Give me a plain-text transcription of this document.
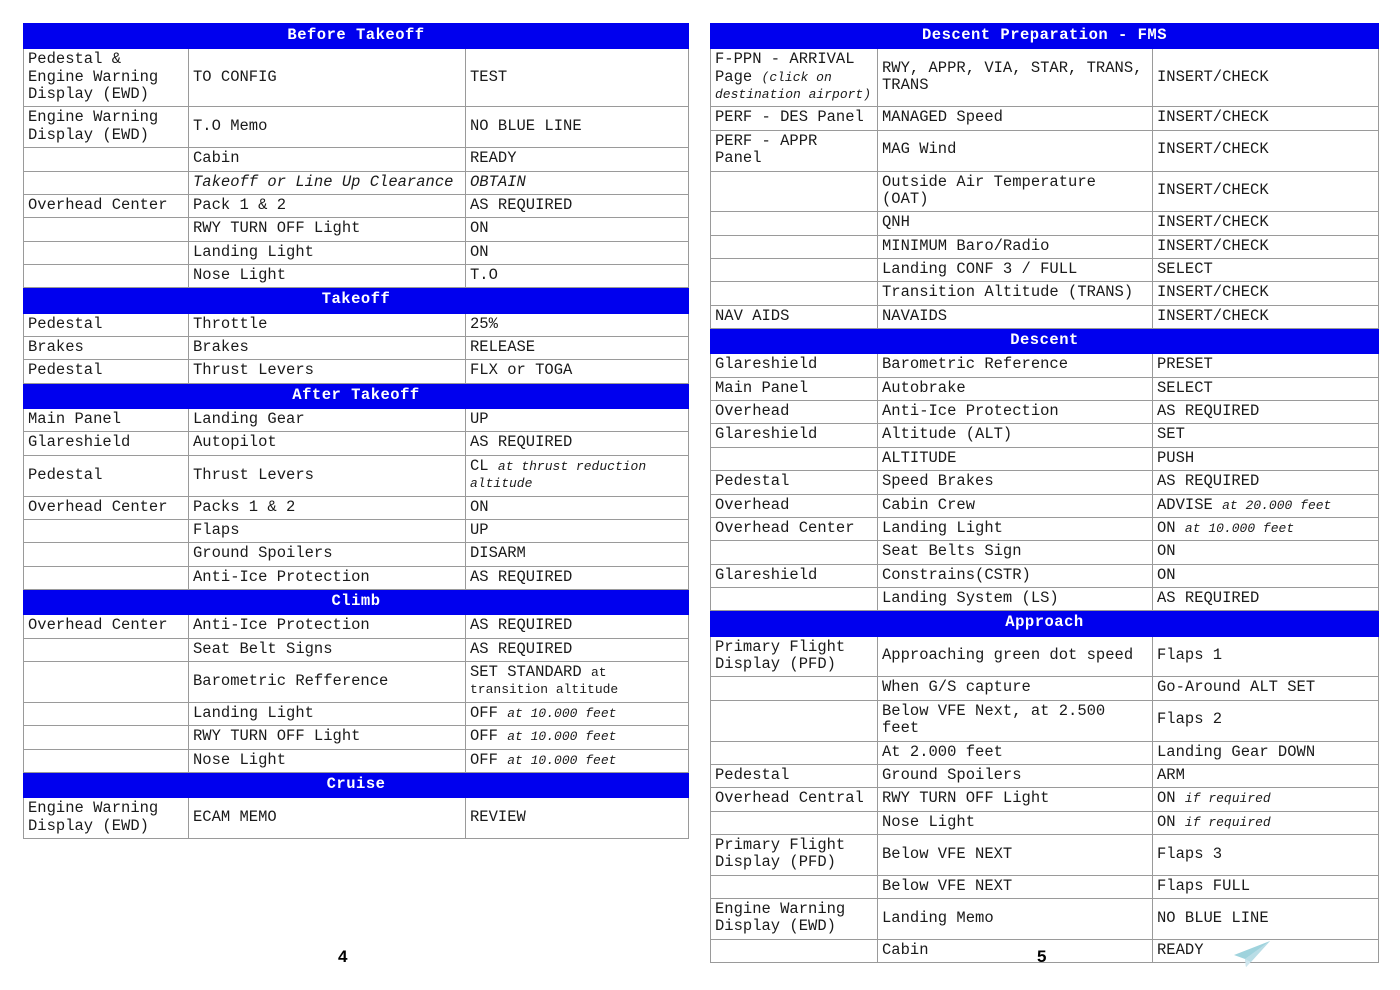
Before Takeoff		
Pedestal & Engine Warning Display (EWD)	TO CONFIG	TEST
Engine Warning Display (EWD)	T.O Memo	NO BLUE LINE
	Cabin	READY
	Takeoff or Line Up Clearance	OBTAIN
Overhead Center	Pack 1 & 2	AS REQUIRED
	RWY TURN OFF Light	ON
	Landing Light	ON
	Nose Light	T.O
Takeoff		
Pedestal	Throttle	25%
Brakes	Brakes	RELEASE
Pedestal	Thrust Levers	FLX or TOGA
After Takeoff		
Main Panel	Landing Gear	UP
Glareshield	Autopilot	AS REQUIRED
Pedestal	Thrust Levers	CL at thrust reduction altitude
Overhead Center	Packs 1 & 2	ON
	Flaps	UP
	Ground Spoilers	DISARM
	Anti-Ice Protection	AS REQUIRED
Climb		
Overhead Center	Anti-Ice Protection	AS REQUIRED
	Seat Belt Signs	AS REQUIRED
	Barometric Refference	SET STANDARD at transition altitude
	Landing Light	OFF at 10.000 feet
	RWY TURN OFF Light	OFF at 10.000 feet
	Nose Light	OFF at 10.000 feet
Cruise		
Engine Warning Display (EWD)	ECAM MEMO	REVIEW
Descent Preparation - FMS		
F-PPN - ARRIVAL Page (click on destination airport)	RWY, APPR, VIA, STAR, TRANS, TRANS	INSERT/CHECK
PERF - DES Panel	MANAGED Speed	INSERT/CHECK
PERF - APPR Panel	MAG Wind	INSERT/CHECK
	Outside Air Temperature (OAT)	INSERT/CHECK
	QNH	INSERT/CHECK
	MINIMUM Baro/Radio	INSERT/CHECK
	Landing CONF 3 / FULL	SELECT
	Transition Altitude (TRANS)	INSERT/CHECK
NAV AIDS	NAVAIDS	INSERT/CHECK
Descent		
Glareshield	Barometric Reference	PRESET
Main Panel	Autobrake	SELECT
Overhead	Anti-Ice Protection	AS REQUIRED
Glareshield	Altitude (ALT)	SET
	ALTITUDE	PUSH
Pedestal	Speed Brakes	AS REQUIRED
Overhead	Cabin Crew	ADVISE at 20.000 feet
Overhead Center	Landing Light	ON at 10.000 feet
	Seat Belts Sign	ON
Glareshield	Constrains(CSTR)	ON
	Landing System (LS)	AS REQUIRED
Approach		
Primary Flight Display (PFD)	Approaching green dot speed	Flaps 1
	When G/S capture	Go-Around ALT SET
	Below VFE Next, at 2.500 feet	Flaps 2
	At 2.000 feet	Landing Gear DOWN
Pedestal	Ground Spoilers	ARM
Overhead Central	RWY TURN OFF Light	ON if required
	Nose Light	ON if required
Primary Flight Display (PFD)	Below VFE NEXT	Flaps 3
	Below VFE NEXT	Flaps FULL
Engine Warning Display (EWD)	Landing Memo	NO BLUE LINE
	Cabin	READY
4	5
